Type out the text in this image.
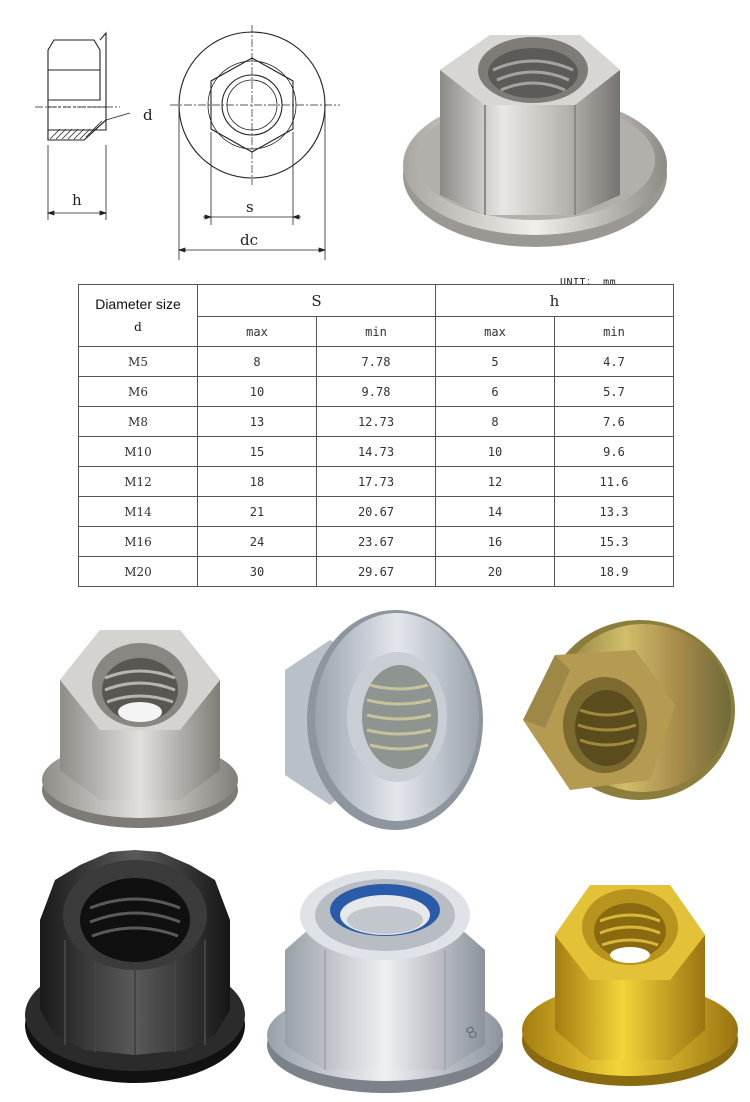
d
h	s
dc
UNIT： mm
Diameter size
d	S		h	
	max	min	max	min
M5	8	7.78	5	4.7
M6	10	9.78	6	5.7
M8	13	12.73	8	7.6
M10	15	14.73	10	9.6
M12	18	17.73	12	11.6
M14	21	20.67	14	13.3
M16	24	23.67	16	15.3
M20	30	29.67	20	18.9
8
